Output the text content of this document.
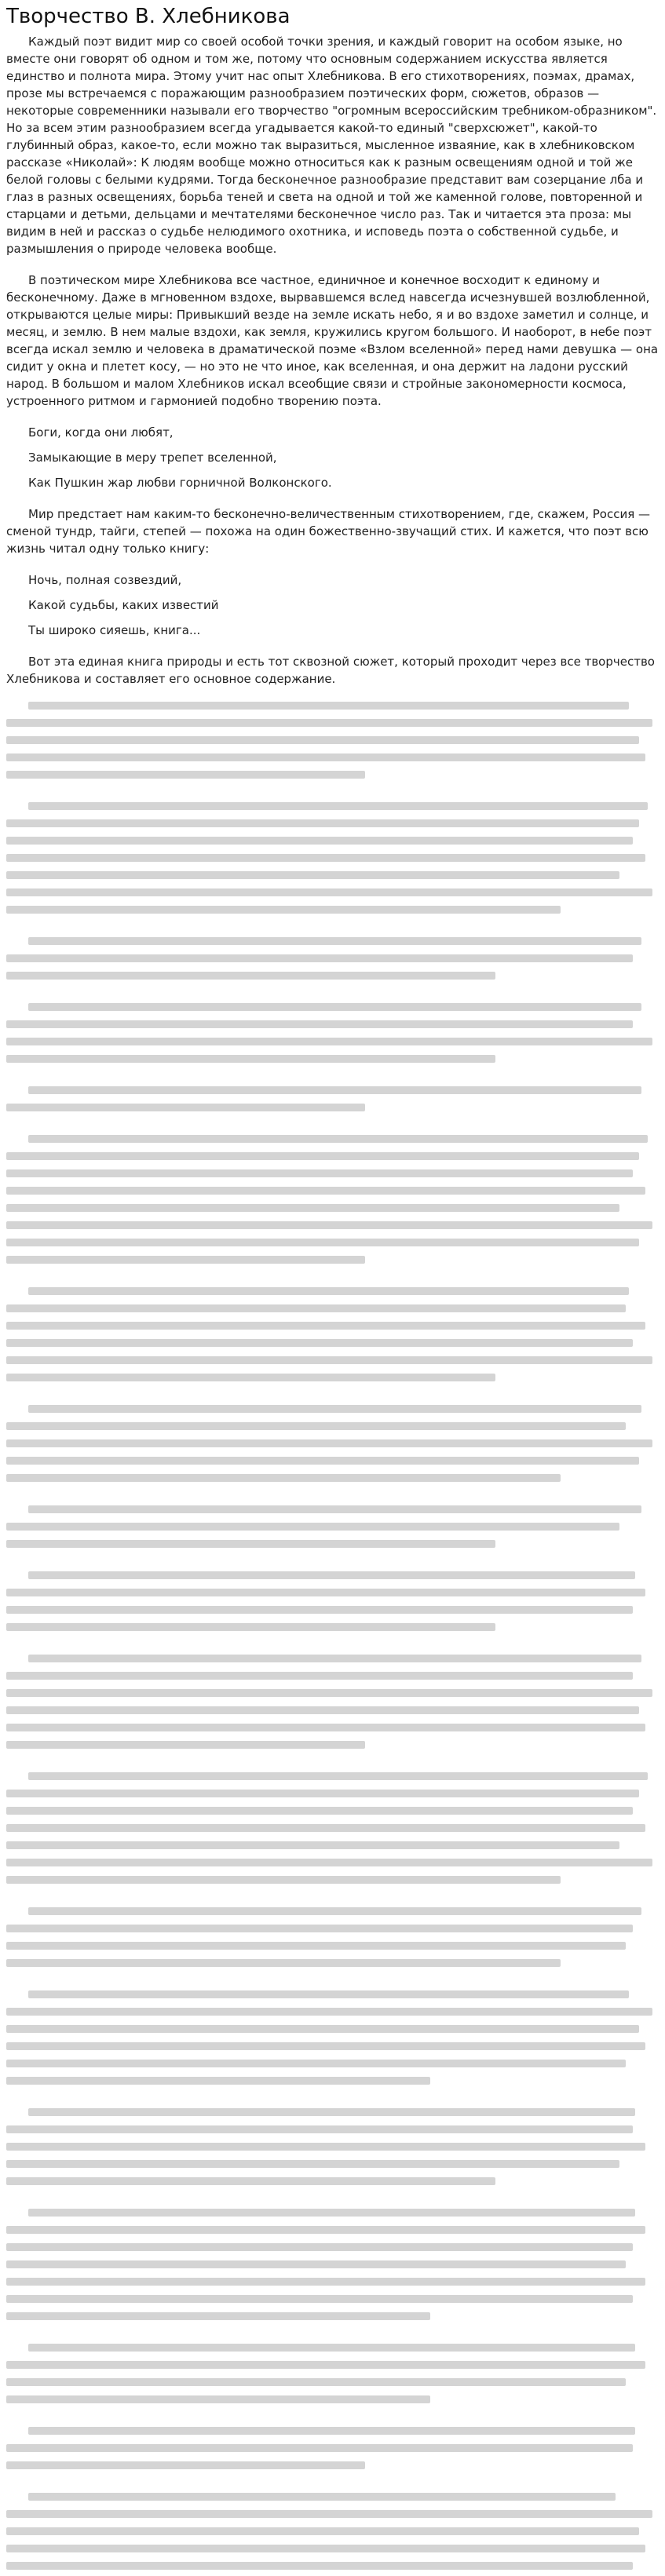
Творчество В. Хлебникова

Каждый поэт видит мир со своей особой точки зрения, и каждый говорит на особом языке, но вместе они говорят об одном и том же, потому что основным содержанием искусства является единство и полнота мира. Этому учит нас опыт Хлебникова. В его стихотворениях, поэмах, драмах, прозе мы встречаемся с поражающим разнообразием поэтических форм, сюжетов, образов — некоторые современники называли его творчество "огромным всероссийским требником-образником". Но за всем этим разнообразием всегда угадывается какой-то единый "сверхсюжет", какой-то глубинный образ, какое-то, если можно так выразиться, мысленное изваяние, как в хлебниковском рассказе «Николай»: К людям вообще можно относиться как к разным освещениям одной и той же белой головы с белыми кудрями. Тогда бесконечное разнообразие представит вам созерцание лба и глаз в разных освещениях, борьба теней и света на одной и той же каменной голове, повторенной и старцами и детьми, дельцами и мечтателями бесконечное число раз. Так и читается эта проза: мы видим в ней и рассказ о судьбе нелюдимого охотника, и исповедь поэта о собственной судьбе, и размышления о природе человека вообще.

В поэтическом мире Хлебникова все частное, единичное и конечное восходит к единому и бесконечному. Даже в мгновенном вздохе, вырвавшемся вслед навсегда исчезнувшей возлюбленной, открываются целые миры: Привыкший везде на земле искать небо, я и во вздохе заметил и солнце, и месяц, и землю. В нем малые вздохи, как земля, кружились кругом большого. И наоборот, в небе поэт всегда искал землю и человека в драматической поэме «Взлом вселенной» перед нами девушка — она сидит у окна и плетет косу, — но это не что иное, как вселенная, и она держит на ладони русский народ. В большом и малом Хлебников искал всеобщие связи и стройные закономерности космоса, устроенного ритмом и гармонией подобно творению поэта.

Боги, когда они любят,
Замыкающие в меру трепет вселенной,
Как Пушкин жар любви горничной Волконского.

Мир предстает нам каким-то бесконечно-величественным стихотворением, где, скажем, Россия — сменой тундр, тайги, степей — похожа на один божественно-звучащий стих. И кажется, что поэт всю жизнь читал одну только книгу:

Ночь, полная созвездий,
Какой судьбы, каких известий
Ты широко сияешь, книга...

Вот эта единая книга природы и есть тот сквозной сюжет, который проходит через все творчество Хлебникова и составляет его основное содержание.
